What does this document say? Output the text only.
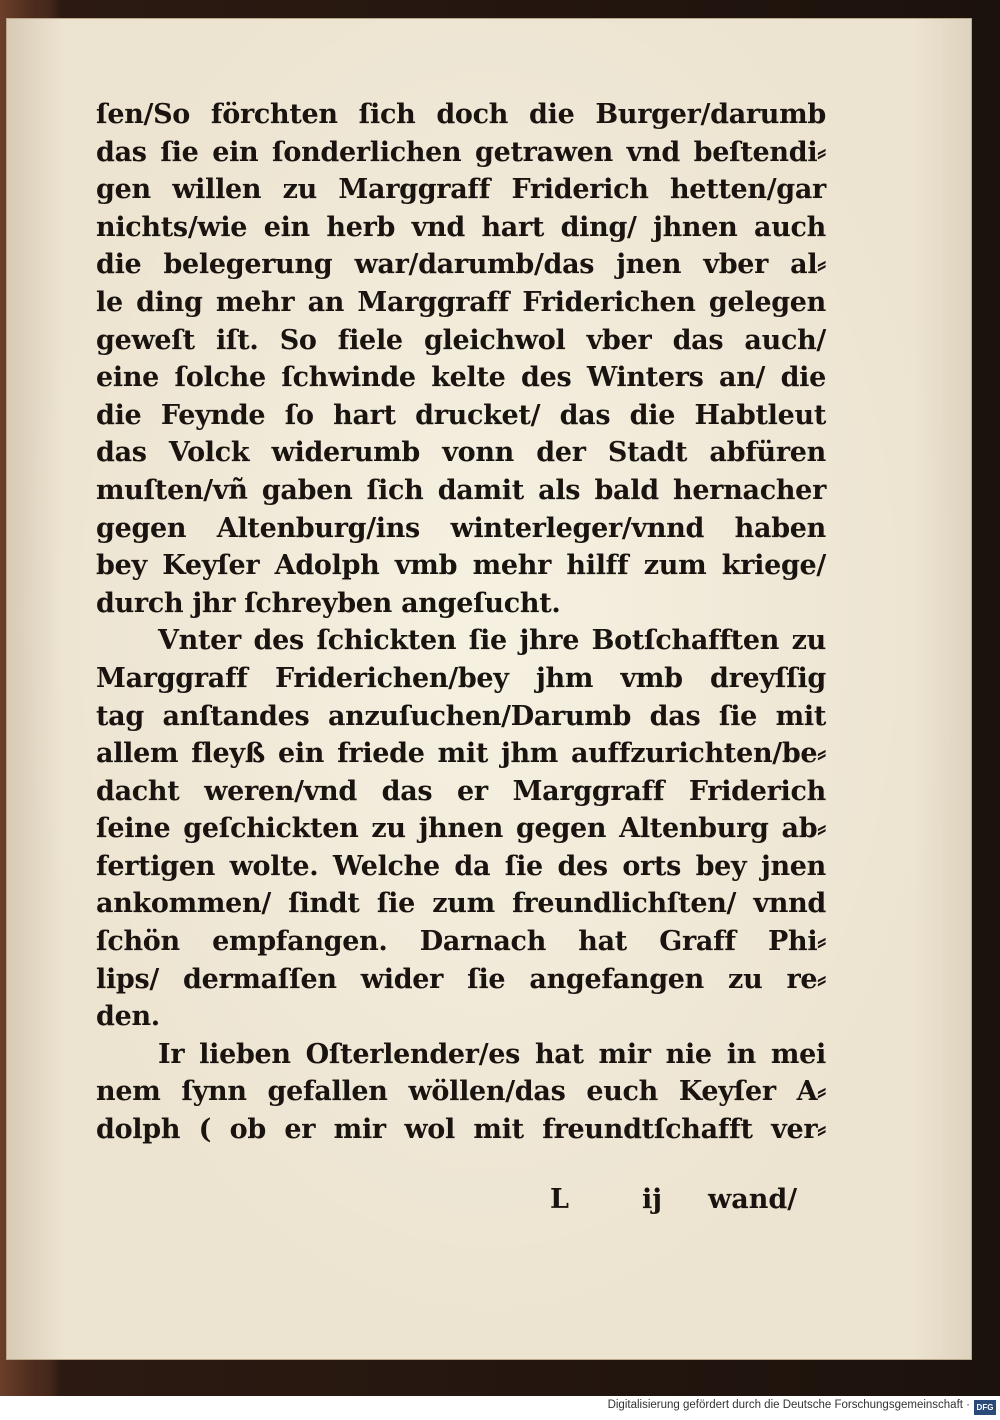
ſen/So förchten ſich doch die Burger/darumb
das ſie ein ſonderlichen getrawen vnd beſtendi⸗
gen willen zu Marggraff Friderich hetten/gar
nichts/wie ein herb vnd hart ding/ jhnen auch
die belegerung war/darumb/das jnen vber al⸗
le ding mehr an Marggraff Friderichen gelegen
geweſt iſt. So fiele gleichwol vber das auch/
eine ſolche ſchwinde kelte des Winters an/ die
die Feynde ſo hart drucket/ das die Habtleut
das Volck widerumb vonn der Stadt abfüren
muſten/vñ gaben ſich damit als bald hernacher
gegen Altenburg/ins winterleger/vnnd haben
bey Keyſer Adolph vmb mehr hilff zum kriege/
durch jhr ſchreyben angeſucht.
Vnter des ſchickten ſie jhre Botſchafften zu
Marggraff Friderichen/bey jhm vmb dreyſſig
tag anſtandes anzuſuchen/Darumb das ſie mit
allem fleyß ein friede mit jhm auffzurichten/be⸗
dacht weren/vnd das er Marggraff Friderich
ſeine geſchickten zu jhnen gegen Altenburg ab⸗
fertigen wolte. Welche da ſie des orts bey jnen
ankommen/ ſindt ſie zum freundlichſten/ vnnd
ſchön empfangen. Darnach hat Graff Phi⸗
lips/ dermaſſen wider ſie angefangen zu re⸗
den.
Ir lieben Oſterlender/es hat mir nie in mei
nem ſynn gefallen wöllen/das euch Keyſer A⸗
dolph ( ob er mir wol mit freundtſchafft ver⸗
L	ij wand/
Digitalisierung gefördert durch die Deutsche Forschungsgemeinschaft · DFG
